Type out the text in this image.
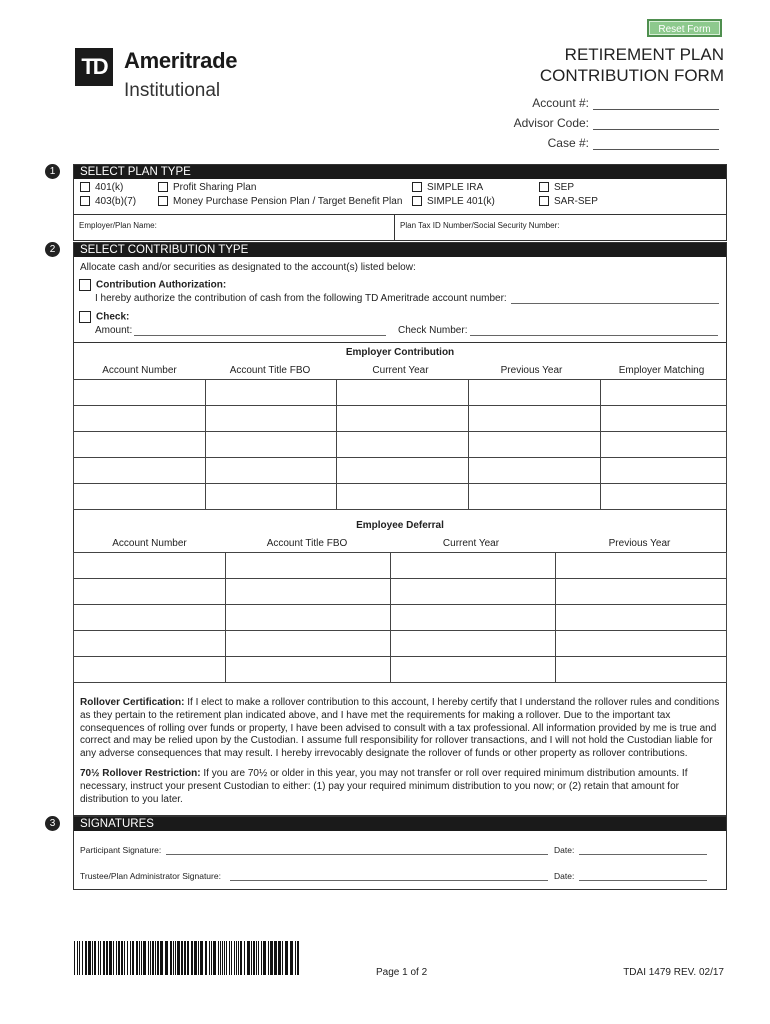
Reset Form
TD Ameritrade
Institutional
RETIREMENT PLAN
CONTRIBUTION FORM
Account #:
Advisor Code:
Case #:
1	SELECT PLAN TYPE
401(k)
403(b)(7)
Profit Sharing Plan
Money Purchase Pension Plan / Target Benefit Plan
SIMPLE IRA
SIMPLE 401(k)
SEP
SAR-SEP
Employer/Plan Name:	Plan Tax ID Number/Social Security Number:
2	SELECT CONTRIBUTION TYPE
Allocate cash and/or securities as designated to the account(s) listed below:
Contribution Authorization:
I hereby authorize the contribution of cash from the following TD Ameritrade account number:
Check:
Amount:	Check Number:
Employer Contribution
Account Number	Account Title FBO	Current Year	Previous Year	Employer Matching

Employee Deferral
Account Number	Account Title FBO	Current Year	Previous Year

Rollover Certification: If I elect to make a rollover contribution to this account, I hereby certify that I understand the rollover rules and conditions as they pertain to the retirement plan indicated above, and I have met the requirements for making a rollover. Due to the important tax consequences of rolling over funds or property, I have been advised to consult with a tax professional. All information provided by me is true and correct and may be relied upon by the Custodian. I assume full responsibility for rollover transactions, and I will not hold the Custodian liable for any adverse consequences that may result. I hereby irrevocably designate the rollover of funds or other property as rollover contributions.
70½ Rollover Restriction: If you are 70½ or older in this year, you may not transfer or roll over required minimum distribution amounts. If necessary, instruct your present Custodian to either: (1) pay your required minimum distribution to you now; or (2) retain that amount for distribution to you later.
3	SIGNATURES
Participant Signature:	Date:
Trustee/Plan Administrator Signature:	Date:
Page 1 of 2	TDAI 1479 REV. 02/17
